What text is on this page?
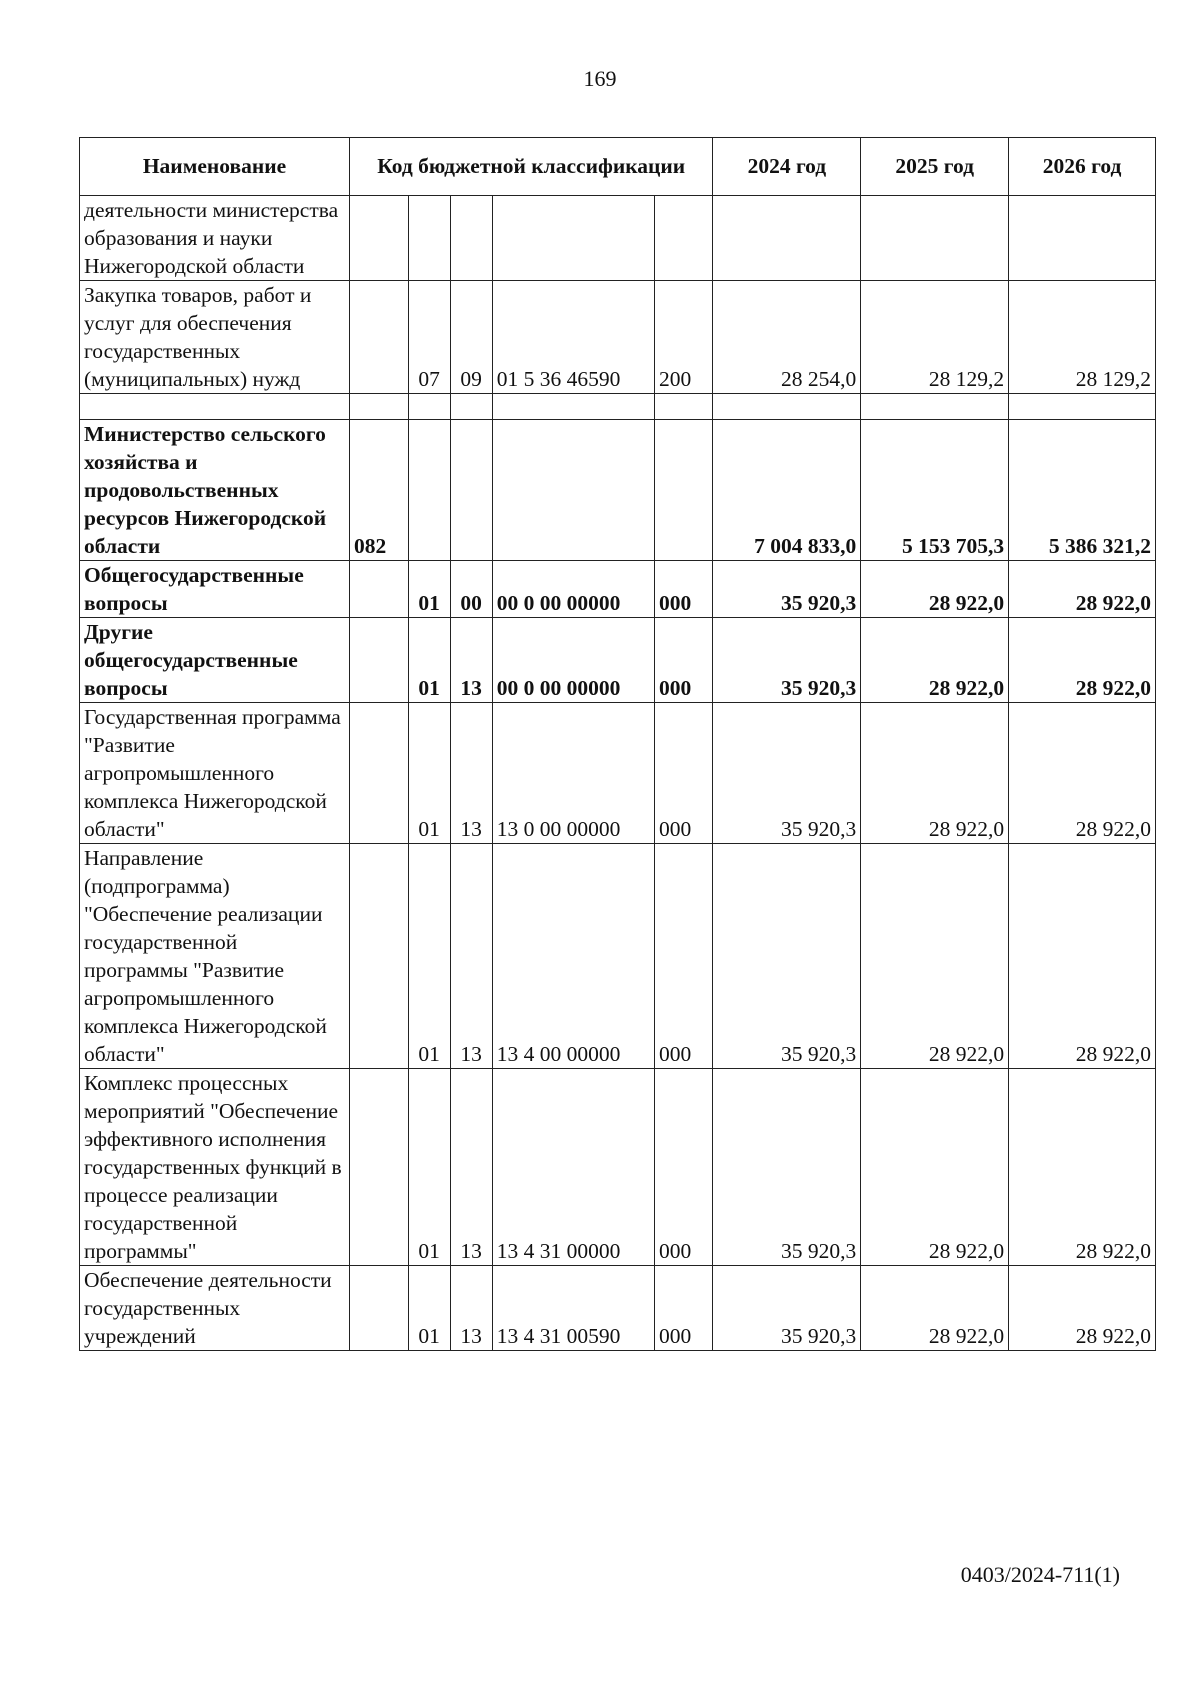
169
Наименование	Код бюджетной классификации					2024 год	2025 год	2026 год
деятельности министерства образования и науки Нижегородской области								
Закупка товаров, работ и услуг для обеспечения государственных (муниципальных) нужд		07	09	01 5 36 46590	200	28 254,0	28 129,2	28 129,2

Министерство сельского хозяйства и продовольственных ресурсов Нижегородской области	082					7 004 833,0	5 153 705,3	5 386 321,2
Общегосударственные вопросы		01	00	00 0 00 00000	000	35 920,3	28 922,0	28 922,0
Другие общегосударственные вопросы		01	13	00 0 00 00000	000	35 920,3	28 922,0	28 922,0
Государственная программа "Развитие агропромышленного комплекса Нижегородской области"		01	13	13 0 00 00000	000	35 920,3	28 922,0	28 922,0
Направление (подпрограмма) "Обеспечение реализации государственной программы "Развитие агропромышленного комплекса Нижегородской области"		01	13	13 4 00 00000	000	35 920,3	28 922,0	28 922,0
Комплекс процессных мероприятий "Обеспечение эффективного исполнения государственных функций в процессе реализации государственной программы"		01	13	13 4 31 00000	000	35 920,3	28 922,0	28 922,0
Обеспечение деятельности государственных учреждений		01	13	13 4 31 00590	000	35 920,3	28 922,0	28 922,0
0403/2024-711(1)
